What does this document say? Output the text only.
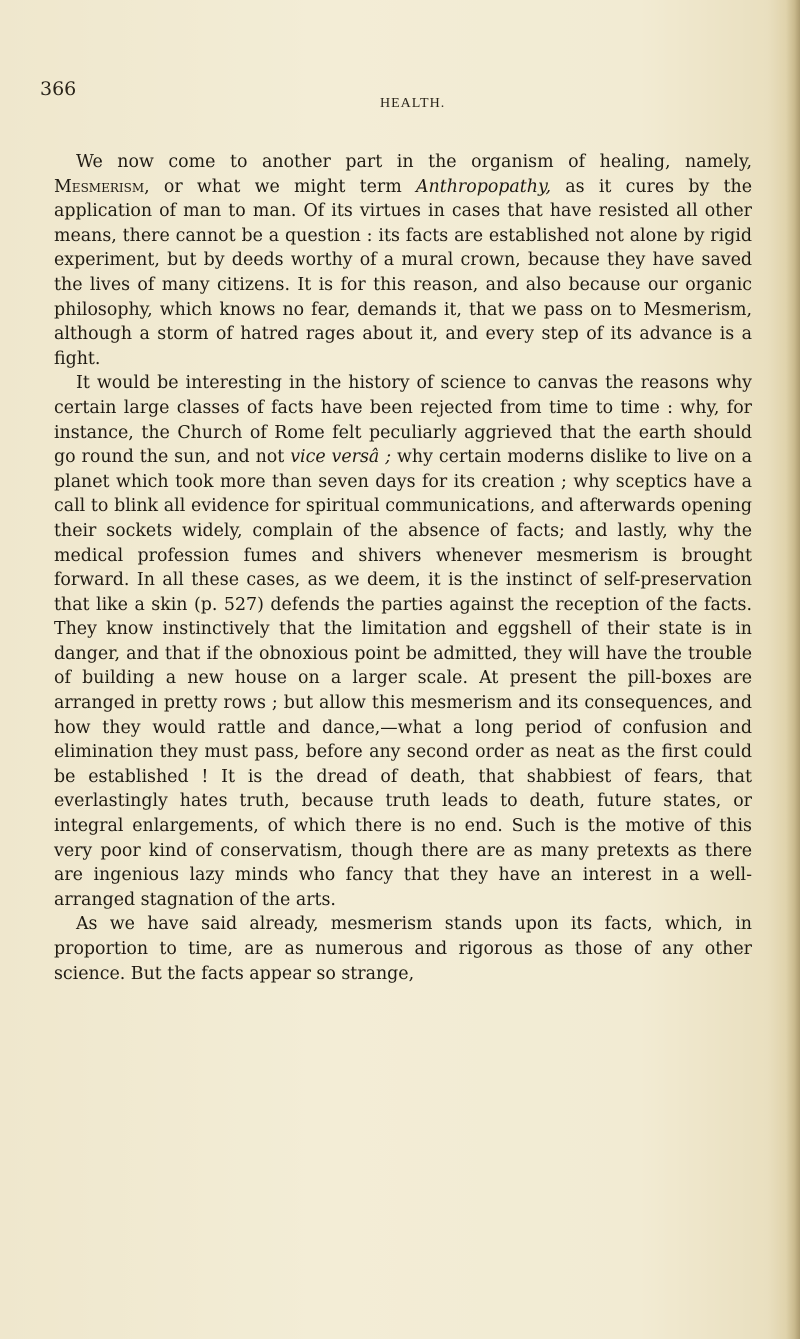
366
HEALTH.

We now come to another part in the organism of healing, namely, Mesmerism, or what we might term Anthropopathy, as it cures by the application of man to man. Of its virtues in cases that have resisted all other means, there cannot be a question : its facts are established not alone by rigid experiment, but by deeds worthy of a mural crown, because they have saved the lives of many citizens. It is for this reason, and also because our organic philosophy, which knows no fear, demands it, that we pass on to Mesmerism, although a storm of hatred rages about it, and every step of its advance is a fight.

It would be interesting in the history of science to canvas the reasons why certain large classes of facts have been rejected from time to time : why, for instance, the Church of Rome felt peculiarly aggrieved that the earth should go round the sun, and not vice versâ ; why certain moderns dislike to live on a planet which took more than seven days for its creation ; why sceptics have a call to blink all evidence for spiritual communications, and afterwards opening their sockets widely, complain of the absence of facts; and lastly, why the medical profession fumes and shivers whenever mesmerism is brought forward. In all these cases, as we deem, it is the instinct of self-preservation that like a skin (p. 527) defends the parties against the reception of the facts. They know instinctively that the limitation and eggshell of their state is in danger, and that if the obnoxious point be admitted, they will have the trouble of building a new house on a larger scale. At present the pill-boxes are arranged in pretty rows ; but allow this mesmerism and its consequences, and how they would rattle and dance,—what a long period of confusion and elimination they must pass, before any second order as neat as the first could be established ! It is the dread of death, that shabbiest of fears, that everlastingly hates truth, because truth leads to death, future states, or integral enlargements, of which there is no end. Such is the motive of this very poor kind of conservatism, though there are as many pretexts as there are ingenious lazy minds who fancy that they have an interest in a well-arranged stagnation of the arts.

As we have said already, mesmerism stands upon its facts, which, in proportion to time, are as numerous and rigorous as those of any other science. But the facts appear so strange,
